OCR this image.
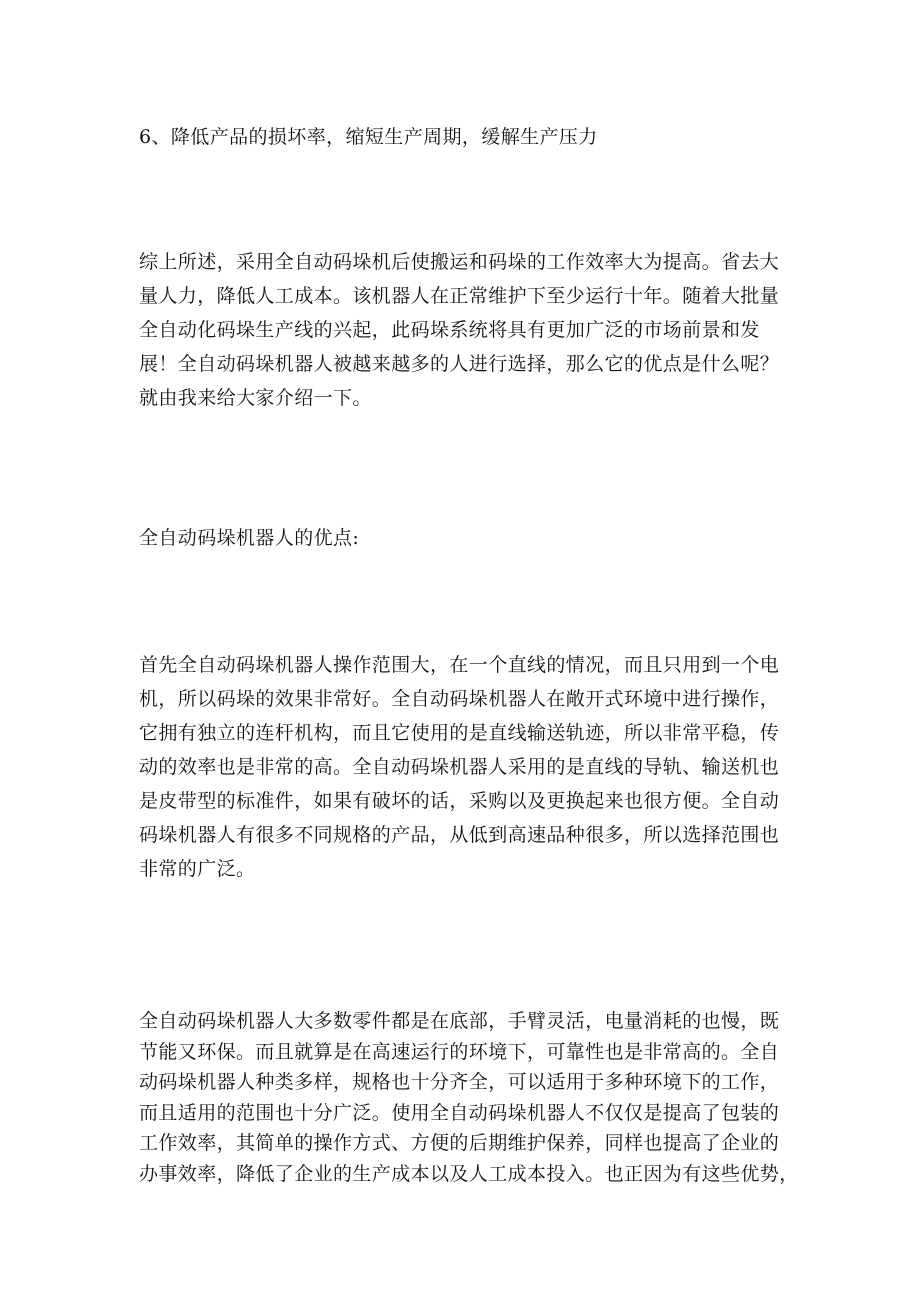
6、降低产品的损坏率，缩短生产周期，缓解生产压力

综上所述，采用全自动码垛机后使搬运和码垛的工作效率大为提高。省去大
量人力，降低人工成本。该机器人在正常维护下至少运行十年。随着大批量
全自动化码垛生产线的兴起，此码垛系统将具有更加广泛的市场前景和发
展！全自动码垛机器人被越来越多的人进行选择，那么它的优点是什么呢？
就由我来给大家介绍一下。

全自动码垛机器人的优点:

首先全自动码垛机器人操作范围大，在一个直线的情况，而且只用到一个电
机，所以码垛的效果非常好。全自动码垛机器人在敞开式环境中进行操作，
它拥有独立的连杆机构，而且它使用的是直线输送轨迹，所以非常平稳，传
动的效率也是非常的高。全自动码垛机器人采用的是直线的导轨、输送机也
是皮带型的标准件，如果有破坏的话，采购以及更换起来也很方便。全自动
码垛机器人有很多不同规格的产品，从低到高速品种很多，所以选择范围也
非常的广泛。

全自动码垛机器人大多数零件都是在底部，手臂灵活，电量消耗的也慢，既
节能又环保。而且就算是在高速运行的环境下，可靠性也是非常高的。全自
动码垛机器人种类多样，规格也十分齐全，可以适用于多种环境下的工作，
而且适用的范围也十分广泛。使用全自动码垛机器人不仅仅是提高了包装的
工作效率，其简单的操作方式、方便的后期维护保养，同样也提高了企业的
办事效率，降低了企业的生产成本以及人工成本投入。也正因为有这些优势，
